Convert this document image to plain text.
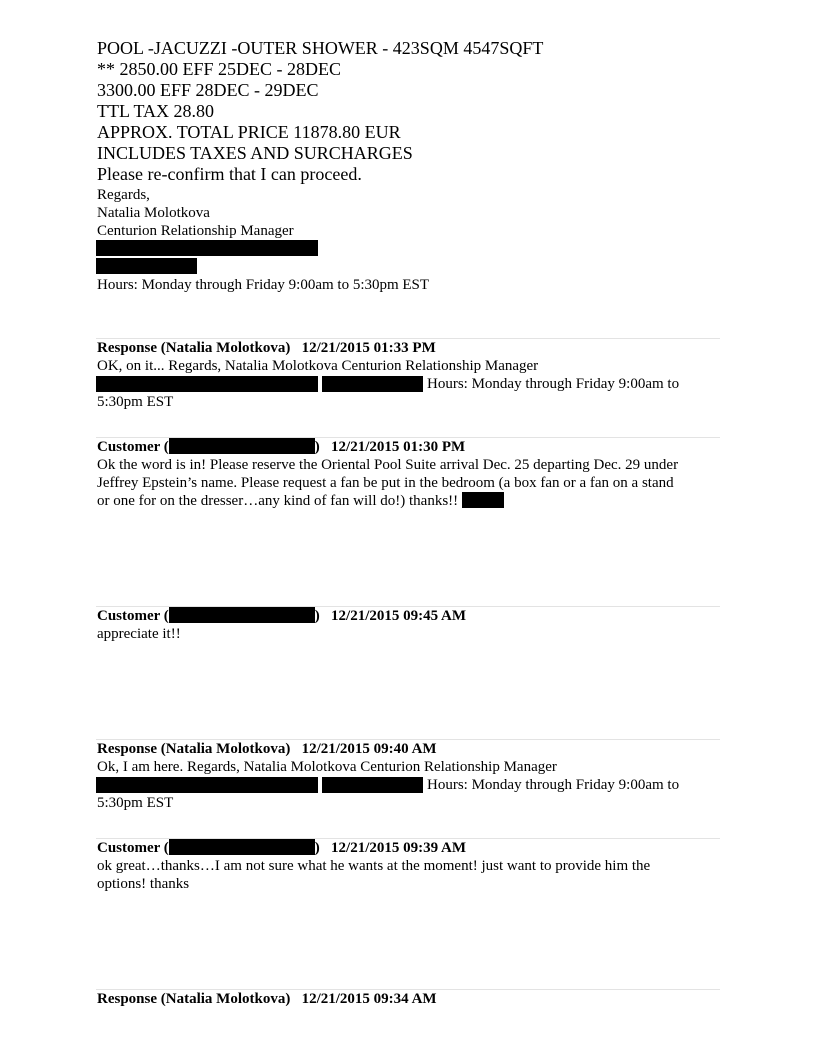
POOL -JACUZZI -OUTER SHOWER - 423SQM 4547SQFT
** 2850.00 EFF 25DEC - 28DEC
3300.00 EFF 28DEC - 29DEC
TTL TAX 28.80
APPROX. TOTAL PRICE 11878.80 EUR
INCLUDES TAXES AND SURCHARGES
Please re-confirm that I can proceed.
Regards,
Natalia Molotkova
Centurion Relationship Manager
Hours: Monday through Friday 9:00am to 5:30pm EST
Response (Natalia Molotkova) 12/21/2015 01:33 PM
OK, on it... Regards, Natalia Molotkova Centurion Relationship Manager
Hours: Monday through Friday 9:00am to
5:30pm EST
Customer (	) 12/21/2015 01:30 PM
Ok the word is in! Please reserve the Oriental Pool Suite arrival Dec. 25 departing Dec. 29 under
Jeffrey Epstein’s name. Please request a fan be put in the bedroom (a box fan or a fan on a stand
or one for on the dresser…any kind of fan will do!) thanks!!
Customer (	) 12/21/2015 09:45 AM
appreciate it!!
Response (Natalia Molotkova) 12/21/2015 09:40 AM
Ok, I am here. Regards, Natalia Molotkova Centurion Relationship Manager
Hours: Monday through Friday 9:00am to
5:30pm EST
Customer (	) 12/21/2015 09:39 AM
ok great…thanks…I am not sure what he wants at the moment! just want to provide him the
options! thanks
Response (Natalia Molotkova) 12/21/2015 09:34 AM
